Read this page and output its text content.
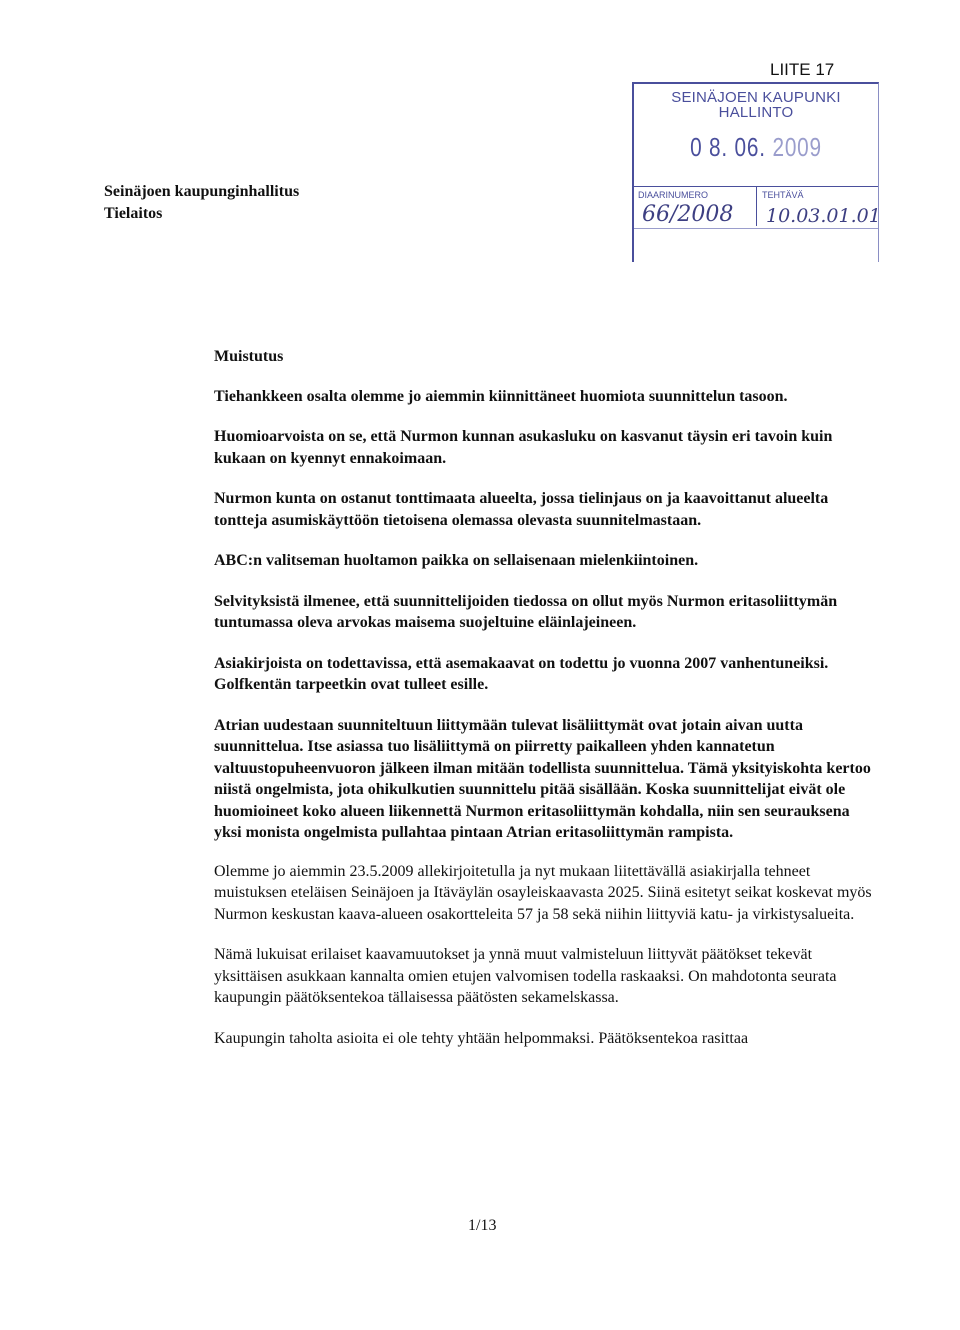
LIITE 17
SEINÄJOEN KAUPUNKI
HALLINTO
0 8. 06. 2009
DIAARINUMERO	TEHTÄVÄ
66/2008 10.03.01.01
Seinäjoen kaupunginhallitus
Tielaitos

Muistutus

Tiehankkeen osalta olemme jo aiemmin kiinnittäneet huomiota suunnittelun tasoon.

Huomioarvoista on se, että Nurmon kunnan asukasluku on kasvanut täysin eri tavoin kuin kukaan on kyennyt ennakoimaan.

Nurmon kunta on ostanut tonttimaata alueelta, jossa tielinjaus on ja kaavoittanut alueelta tontteja asumiskäyttöön tietoisena olemassa olevasta suunnitelmastaan.

ABC:n valitseman huoltamon paikka on sellaisenaan mielenkiintoinen.

Selvityksistä ilmenee, että suunnittelijoiden tiedossa on ollut myös Nurmon eritasoliittymän tuntumassa oleva arvokas maisema suojeltuine eläinlajeineen.

Asiakirjoista on todettavissa, että asemakaavat on todettu jo vuonna 2007 vanhentuneiksi. Golfkentän tarpeetkin ovat tulleet esille.

Atrian uudestaan suunniteltuun liittymään tulevat lisäliittymät ovat jotain aivan uutta suunnittelua. Itse asiassa tuo lisäliittymä on piirretty paikalleen yhden kannatetun valtuustopuheenvuoron jälkeen ilman mitään todellista suunnittelua. Tämä yksityiskohta kertoo niistä ongelmista, jota ohikulkutien suunnittelu pitää sisällään. Koska suunnittelijat eivät ole huomioineet koko alueen liikennettä Nurmon eritasoliittymän kohdalla, niin sen seurauksena yksi monista ongelmista pullahtaa pintaan Atrian eritasoliittymän rampista.

Olemme jo aiemmin 23.5.2009 allekirjoitetulla ja nyt mukaan liitettävällä asiakirjalla tehneet muistuksen eteläisen Seinäjoen ja Itäväylän osayleiskaavasta 2025. Siinä esitetyt seikat koskevat myös Nurmon keskustan kaava-alueen osakortteleita 57 ja 58 sekä niihin liittyviä katu- ja virkistysalueita.

Nämä lukuisat erilaiset kaavamuutokset ja ynnä muut valmisteluun liittyvät päätökset tekevät yksittäisen asukkaan kannalta omien etujen valvomisen todella raskaaksi. On mahdotonta seurata kaupungin päätöksentekoa tällaisessa päätösten sekamelskassa.

Kaupungin taholta asioita ei ole tehty yhtään helpommaksi. Päätöksentekoa rasittaa

1/13
